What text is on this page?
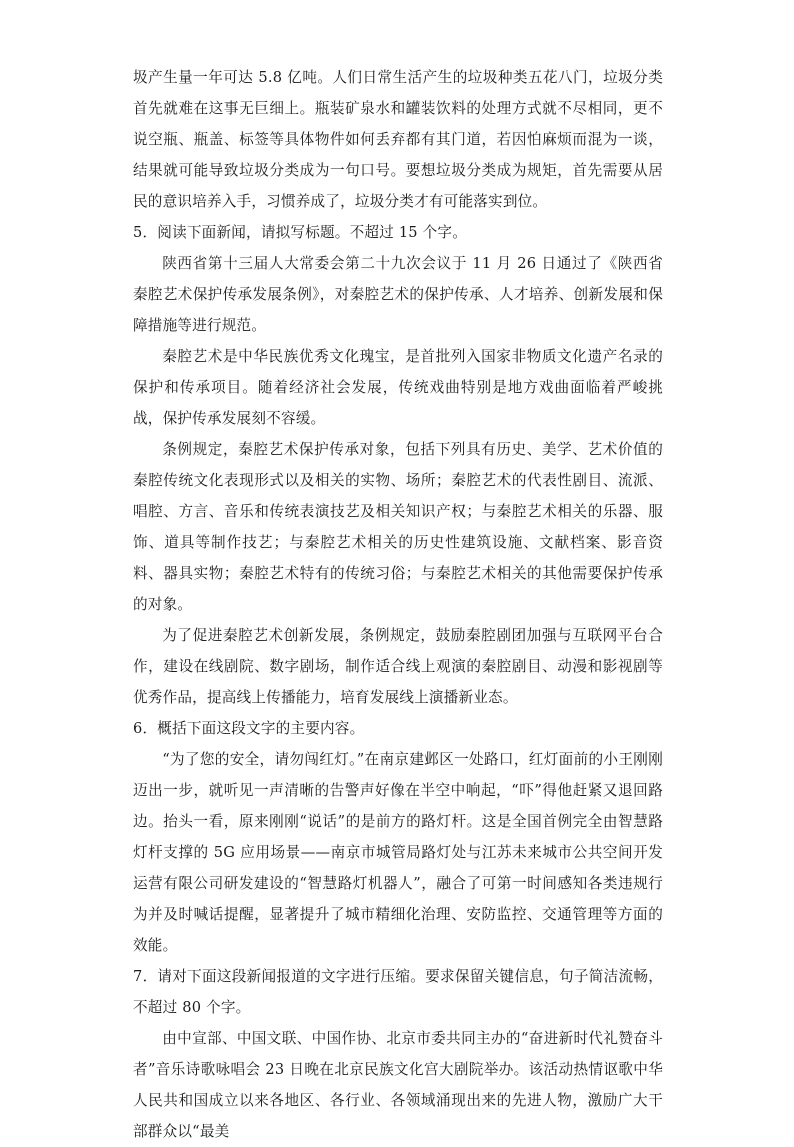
圾产生量一年可达 5.8 亿吨。人们日常生活产生的垃圾种类五花八门，垃圾分类首先就难在这事无巨细上。瓶装矿泉水和罐装饮料的处理方式就不尽相同，更不说空瓶、瓶盖、标签等具体物件如何丢弃都有其门道，若因怕麻烦而混为一谈，结果就可能导致垃圾分类成为一句口号。要想垃圾分类成为规矩，首先需要从居民的意识培养入手，习惯养成了，垃圾分类才有可能落实到位。

5．阅读下面新闻，请拟写标题。不超过 15 个字。

陕西省第十三届人大常委会第二十九次会议于 11 月 26 日通过了《陕西省秦腔艺术保护传承发展条例》，对秦腔艺术的保护传承、人才培养、创新发展和保障措施等进行规范。

秦腔艺术是中华民族优秀文化瑰宝，是首批列入国家非物质文化遗产名录的保护和传承项目。随着经济社会发展，传统戏曲特别是地方戏曲面临着严峻挑战，保护传承发展刻不容缓。

条例规定，秦腔艺术保护传承对象，包括下列具有历史、美学、艺术价值的秦腔传统文化表现形式以及相关的实物、场所；秦腔艺术的代表性剧目、流派、唱腔、方言、音乐和传统表演技艺及相关知识产权；与秦腔艺术相关的乐器、服饰、道具等制作技艺；与秦腔艺术相关的历史性建筑设施、文献档案、影音资料、器具实物；秦腔艺术特有的传统习俗；与秦腔艺术相关的其他需要保护传承的对象。

为了促进秦腔艺术创新发展，条例规定，鼓励秦腔剧团加强与互联网平台合作，建设在线剧院、数字剧场，制作适合线上观演的秦腔剧目、动漫和影视剧等优秀作品，提高线上传播能力，培育发展线上演播新业态。

6．概括下面这段文字的主要内容。

“为了您的安全，请勿闯红灯。”在南京建邺区一处路口，红灯面前的小王刚刚迈出一步，就听见一声清晰的告警声好像在半空中响起，“吓”得他赶紧又退回路边。抬头一看，原来刚刚“说话”的是前方的路灯杆。这是全国首例完全由智慧路灯杆支撑的 5G 应用场景——南京市城管局路灯处与江苏未来城市公共空间开发运营有限公司研发建设的“智慧路灯机器人”，融合了可第一时间感知各类违规行为并及时喊话提醒，显著提升了城市精细化治理、安防监控、交通管理等方面的效能。

7．请对下面这段新闻报道的文字进行压缩。要求保留关键信息，句子简洁流畅，不超过 80 个字。

由中宣部、中国文联、中国作协、北京市委共同主办的“奋进新时代礼赞奋斗者”音乐诗歌咏唱会 23 日晚在北京民族文化宫大剧院举办。该活动热情讴歌中华人民共和国成立以来各地区、各行业、各领域涌现出来的先进人物，激励广大干部群众以“最美
